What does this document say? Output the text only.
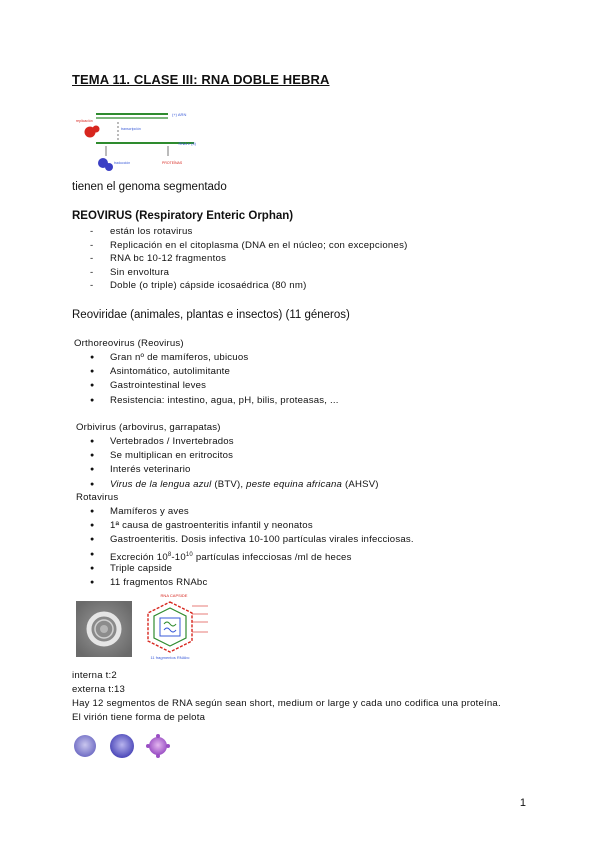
TEMA 11. CLASE III: RNA DOBLE HEBRA
(+) ARN
RNA ± (II)
replicación
transcripción
traducción	PROTEÍNAS
tienen el genoma segmentado
REOVIRUS (Respiratory Enteric Orphan)
- están los rotavirus
- Replicación en el citoplasma (DNA en el núcleo; con excepciones)
- RNA bc 10-12 fragmentos
- Sin envoltura
- Doble (o triple) cápside icosaédrica (80 nm)
Reoviridae (animales, plantas e insectos) (11 géneros)
Orthoreovirus (Reovirus)
● Gran nº de mamíferos, ubicuos
● Asintomático, autolimitante
● Gastrointestinal leves
● Resistencia: intestino, agua, pH, bilis, proteasas, ...
Orbivirus (arbovirus, garrapatas)
● Vertebrados / Invertebrados
● Se multiplican en eritrocitos
● Interés veterinario
● Virus de la lengua azul (BTV), peste equina africana (AHSV)
Rotavirus
● Mamíferos y aves
● 1ª causa de gastroenteritis infantil y neonatos
● Gastroenteritis. Dosis infectiva 10-100 partículas virales infecciosas.
● Excreción $10^8-10^{10}$ partículas infecciosas /ml de heces
● Triple capside
● 11 fragmentos RNAbc
RNA CAPSIDE
11 fragmentos RNAbc
interna t:2
externa t:13
Hay 12 segmentos de RNA según sean short, medium or large y cada uno codifica una proteína.
El virión tiene forma de pelota
1
